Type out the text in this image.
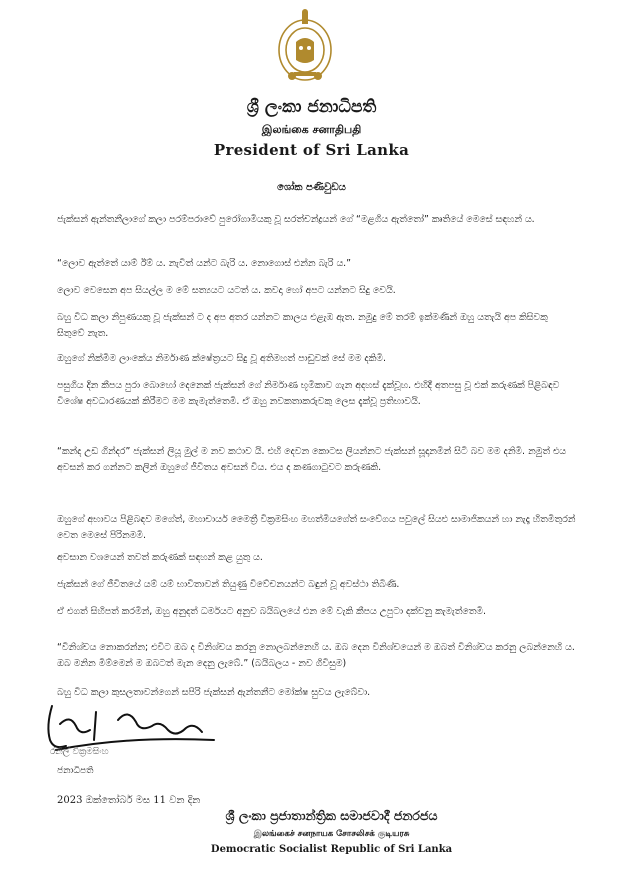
ශ්‍රී ලංකා ජනාධිපති
இலங்கை சனாதிபதி
President of Sri Lanka
ශෝක පණිවුඩය

ජැක්සන් ඇන්තනීලාගේ කලා පරම්පරාවේ පුරෝගාමියකු වූ සරත්චන්ද්‍රයන් ගේ “මළගිය ඇත්තෝ” කෘතියේ මෙසේ සඳහන් ය.

“ලොව ඇත්තේ යාම් ඊම් ය. නැවිත් යන්ට බැරි ය. නොගොස් එන්න බැරි ය.”

ලොව වෙසෙන අප සියල්ල ම මේ සත්‍යයට යටත් ය. කවදා හෝ අපට යන්නට සිදු වෙයි.

බහු විධ කලා නිපුණයකු වූ ජැක්සන් ට ද අප අතර යන්නට කාලය එළැඹ ඇත. නමුදු මේ තරම් ඉක්මණින් ඔහු යතැයි අප කිසිවකු සිතුවේ නැත.

ඔහුගේ නික්මීම ලාංකේය නිර්මාණ ක්ෂේත්‍රයට සිදු වූ අතිමහත් පාඩුවක් සේ මම දකිමි.

පසුගිය දින කීපය පුරා බොහෝ දෙනෙක් ජැක්සන් ගේ නිර්මාණ භූමිකාව ගැන අදහස් දැක්වූහ. එහිදී අතපසු වූ එක් කරුණක් පිළිබඳව විශේෂ අවධාරණයක් කිරීමට මම කැමැත්තෙමි. ඒ ඔහු නවකතාකරුවකු ලෙස දැක්වූ ප්‍රතිභාවයි.

“කන්ද උඩ ගින්දර” ජැක්සන් ලියූ මුල් ම නව කථාව යි. එහි දෙවන කොටස ලියන්නට ජැක්සන් සූදානමින් සිටි බව මම දනිමි. නමුත් එය අවසන් කර ගන්නට කලින් ඔහුගේ ජීවිතය අවසන් විය. එය ද කණගාටුවට කරුණකි.

ඔහුගේ අභාවය පිළිබඳව මගේත්, මහාචාර්ය මෛත්‍රී වික්‍රමසිංහ මහත්මියගේත් සංවේගය පවුලේ සියළු සාමාජිකයන් හා නැදෑ හිතමිතුරන් වෙත මෙසේ පිරිනමමි.

අවසාන වශයෙන් තවත් කරුණක් සඳහන් කළ යුතු ය.

ජැක්සන් ගේ ජීවිතයේ යම් යම් භාවිතාවන් තියුණු විවේචනයන්ට බඳුන් වූ අවස්ථා තිබිණි.

ඒ එගත් සිහිපත් කරමින්, ඔහු අනුදත් ධර්මයට අනුව බයිබලයේ එන මේ වැකි කීපය උපුටා දක්වනු කැමැත්තෙමි.

“විනිශ්චය නොකරන්න; එවිට ඔබ ද විනිශ්චය කරනු නොලබන්නෙහි ය. ඔබ දෙන විනිශ්චයෙන් ම ඔබත් විනිශ්චය කරනු ලබන්නෙහි ය. ඔබ මනින මිම්මෙන් ම ඔබටත් මැන දෙනු ලැබේ.” (බයිබලය - නව ගිවිසුම)

බහු විධ කලා කුසලතාවන්ගෙන් සපිරි ජැක්සන් ඇන්තනීට මෝක්ෂ සුවය ලැබේවා.

රනිල් වික්‍රමසිංහ
ජනාධිපති
2023 ඔක්තෝබර් මස 11 වන දින
ශ්‍රී ලංකා ප්‍රජාතාන්ත්‍රික සමාජවාදී ජනරජය
இலங்கைச் சனநாயக சோசலிசக் குடியரசு
Democratic Socialist Republic of Sri Lanka
